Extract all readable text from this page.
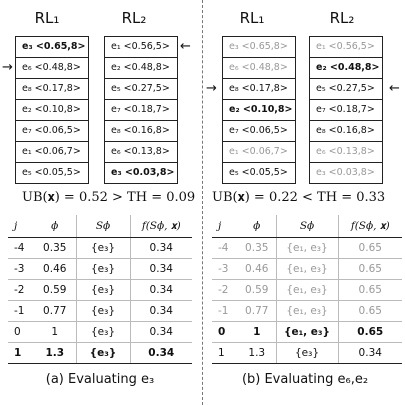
RL₁	RL₂
e₃ <0.65,8>
e₆ <0.48,8>
e₈ <0.17,8>
e₂ <0.10,8>
e₇ <0.06,5>
e₁ <0.06,7>
e₅ <0.05,5>
e₁ <0.56,5>
e₂ <0.48,8>
e₅ <0.27,5>
e₇ <0.18,7>
e₈ <0.16,8>
e₆ <0.13,8>
e₃ <0.03,8>
→
←
UB(𝐱) = 0.52 > TH = 0.09
j	ϕ	Sϕ	f(Sϕ, 𝐱)
-4	0.35	{e₃}	0.34
-3	0.46	{e₃}	0.34
-2	0.59	{e₃}	0.34
-1	0.77	{e₃}	0.34
0	1	{e₃}	0.34
1	1.3	{e₃}	0.34
(a) Evaluating e₃
RL₁	RL₂
e₃ <0.65,8>
e₆ <0.48,8>
e₈ <0.17,8>
e₂ <0.10,8>
e₇ <0.06,5>
e₁ <0.06,7>
e₅ <0.05,5>
e₁ <0.56,5>
e₂ <0.48,8>
e₅ <0.27,5>
e₇ <0.18,7>
e₈ <0.16,8>
e₆ <0.13,8>
e₃ <0.03,8>
→	←
UB(𝐱) = 0.22 < TH = 0.33
j	ϕ	Sϕ	f(Sϕ, 𝐱)
-4	0.35	{e₁, e₃}	0.65
-3	0.46	{e₁, e₃}	0.65
-2	0.59	{e₁, e₃}	0.65
-1	0.77	{e₁, e₃}	0.65
0	1	{e₁, e₃}	0.65
1	1.3	{e₃}	0.34
(b) Evaluating e₆,e₂
